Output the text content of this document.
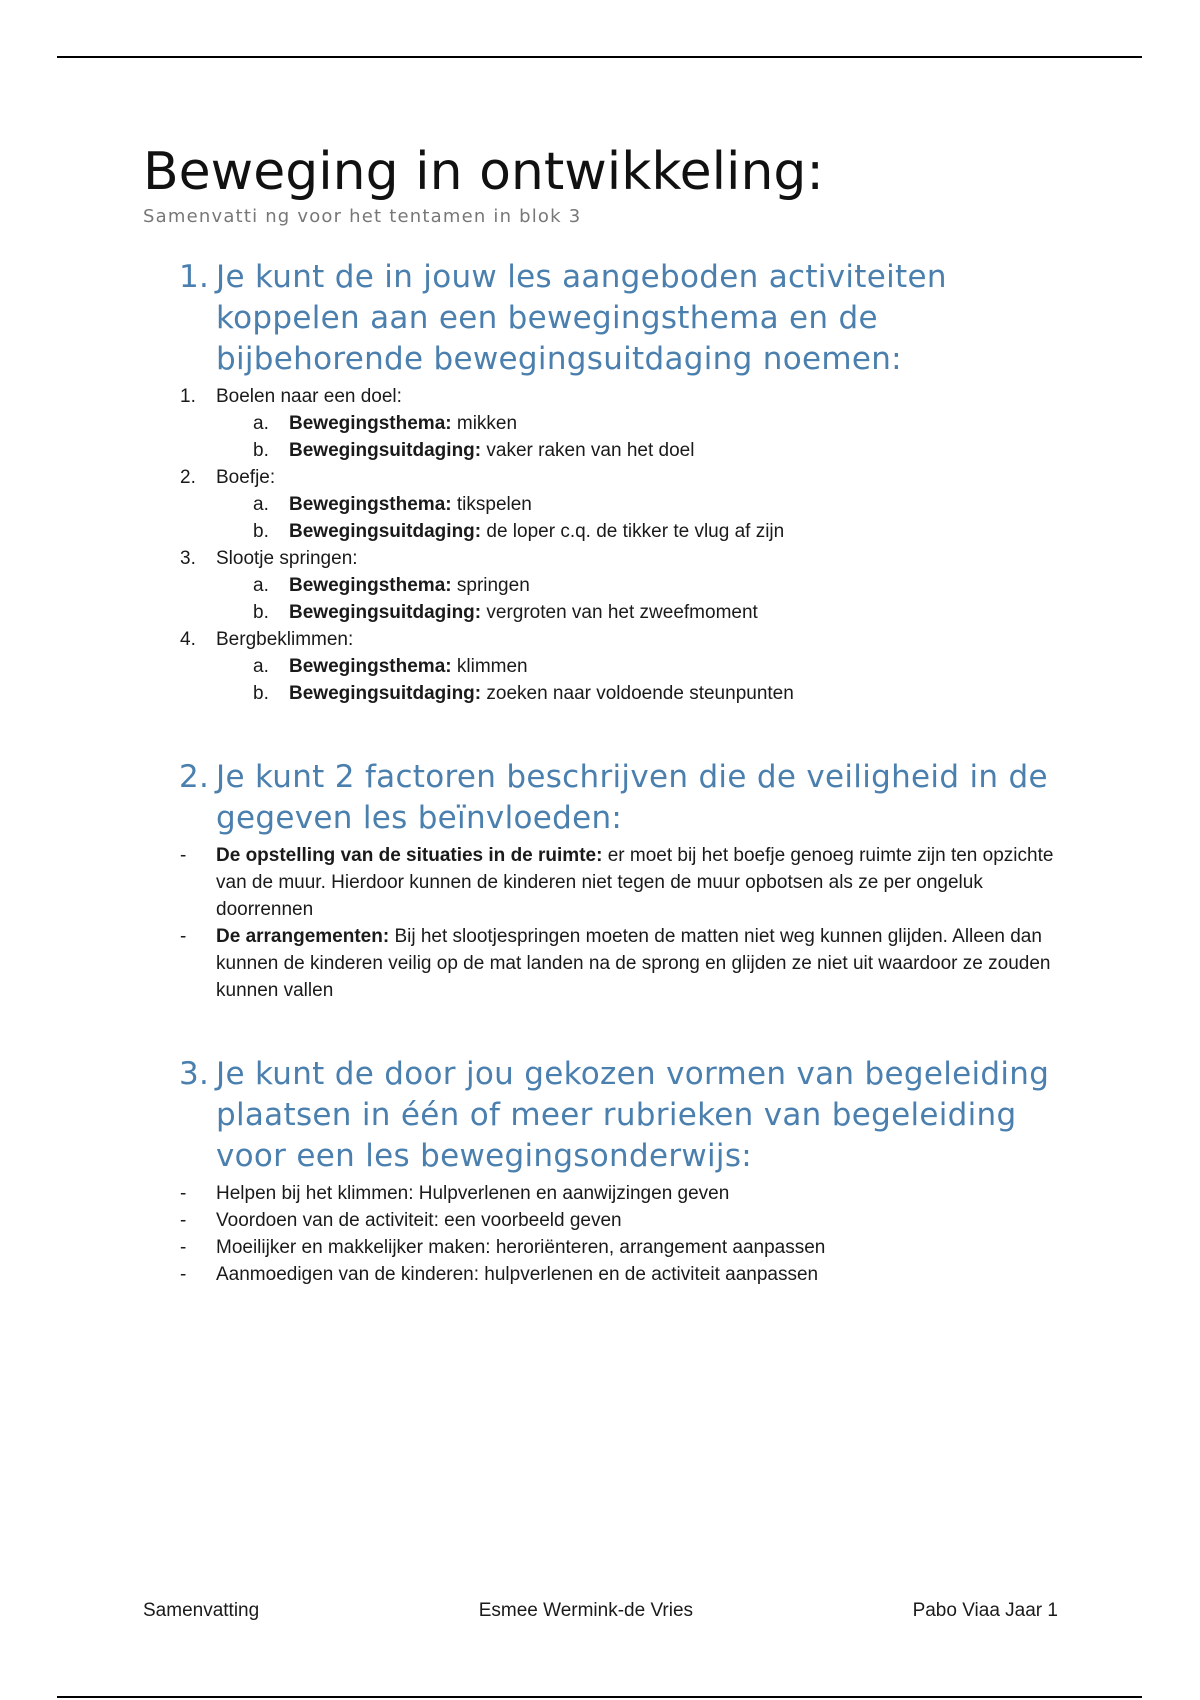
Beweging in ontwikkeling:
Samenvatti ng voor het tentamen in blok 3
1. Je kunt de in jouw les aangeboden activiteiten koppelen aan een bewegingsthema en de bijbehorende bewegingsuitdaging noemen:
1. Boelen naar een doel:
a. Bewegingsthema: mikken
b. Bewegingsuitdaging: vaker raken van het doel
2. Boefje:
a. Bewegingsthema: tikspelen
b. Bewegingsuitdaging: de loper c.q. de tikker te vlug af zijn
3. Slootje springen:
a. Bewegingsthema: springen
b. Bewegingsuitdaging: vergroten van het zweefmoment
4. Bergbeklimmen:
a. Bewegingsthema: klimmen
b. Bewegingsuitdaging: zoeken naar voldoende steunpunten
2. Je kunt 2 factoren beschrijven die de veiligheid in de gegeven les beïnvloeden:
- De opstelling van de situaties in de ruimte: er moet bij het boefje genoeg ruimte zijn ten opzichte van de muur. Hierdoor kunnen de kinderen niet tegen de muur opbotsen als ze per ongeluk doorrennen
- De arrangementen: Bij het slootjespringen moeten de matten niet weg kunnen glijden. Alleen dan kunnen de kinderen veilig op de mat landen na de sprong en glijden ze niet uit waardoor ze zouden kunnen vallen
3. Je kunt de door jou gekozen vormen van begeleiding plaatsen in één of meer rubrieken van begeleiding voor een les bewegingsonderwijs:
- Helpen bij het klimmen: Hulpverlenen en aanwijzingen geven
- Voordoen van de activiteit: een voorbeeld geven
- Moeilijker en makkelijker maken: heroriënteren, arrangement aanpassen
- Aanmoedigen van de kinderen: hulpverlenen en de activiteit aanpassen
Samenvatting	Esmee Wermink-de Vries	Pabo Viaa Jaar 1
